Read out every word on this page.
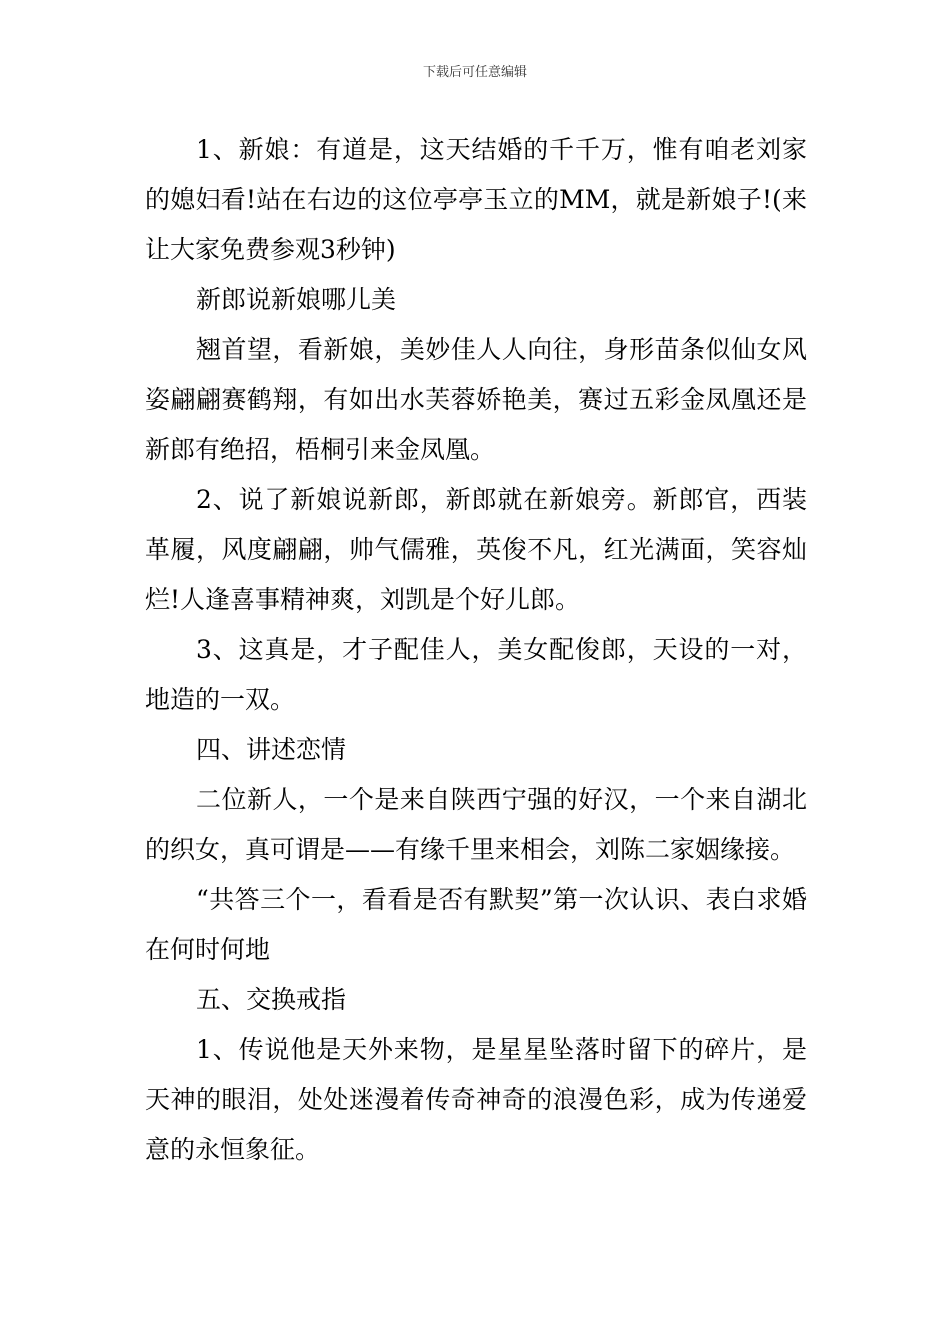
下载后可任意编辑

1、新娘：有道是，这天结婚的千千万，惟有咱老刘家的媳妇看!站在右边的这位亭亭玉立的MM，就是新娘子!(来让大家免费参观3秒钟)

新郎说新娘哪儿美

翘首望，看新娘，美妙佳人人向往，身形苗条似仙女风姿翩翩赛鹤翔，有如出水芙蓉娇艳美，赛过五彩金凤凰还是新郎有绝招，梧桐引来金凤凰。

2、说了新娘说新郎，新郎就在新娘旁。新郎官，西装革履，风度翩翩，帅气儒雅，英俊不凡，红光满面，笑容灿烂!人逢喜事精神爽，刘凯是个好儿郎。

3、这真是，才子配佳人，美女配俊郎，天设的一对，地造的一双。

四、讲述恋情

二位新人，一个是来自陕西宁强的好汉，一个来自湖北的织女，真可谓是——有缘千里来相会，刘陈二家姻缘接。

“共答三个一，看看是否有默契”第一次认识、表白求婚在何时何地

五、交换戒指

1、传说他是天外来物，是星星坠落时留下的碎片，是天神的眼泪，处处迷漫着传奇神奇的浪漫色彩，成为传递爱意的永恒象征。
